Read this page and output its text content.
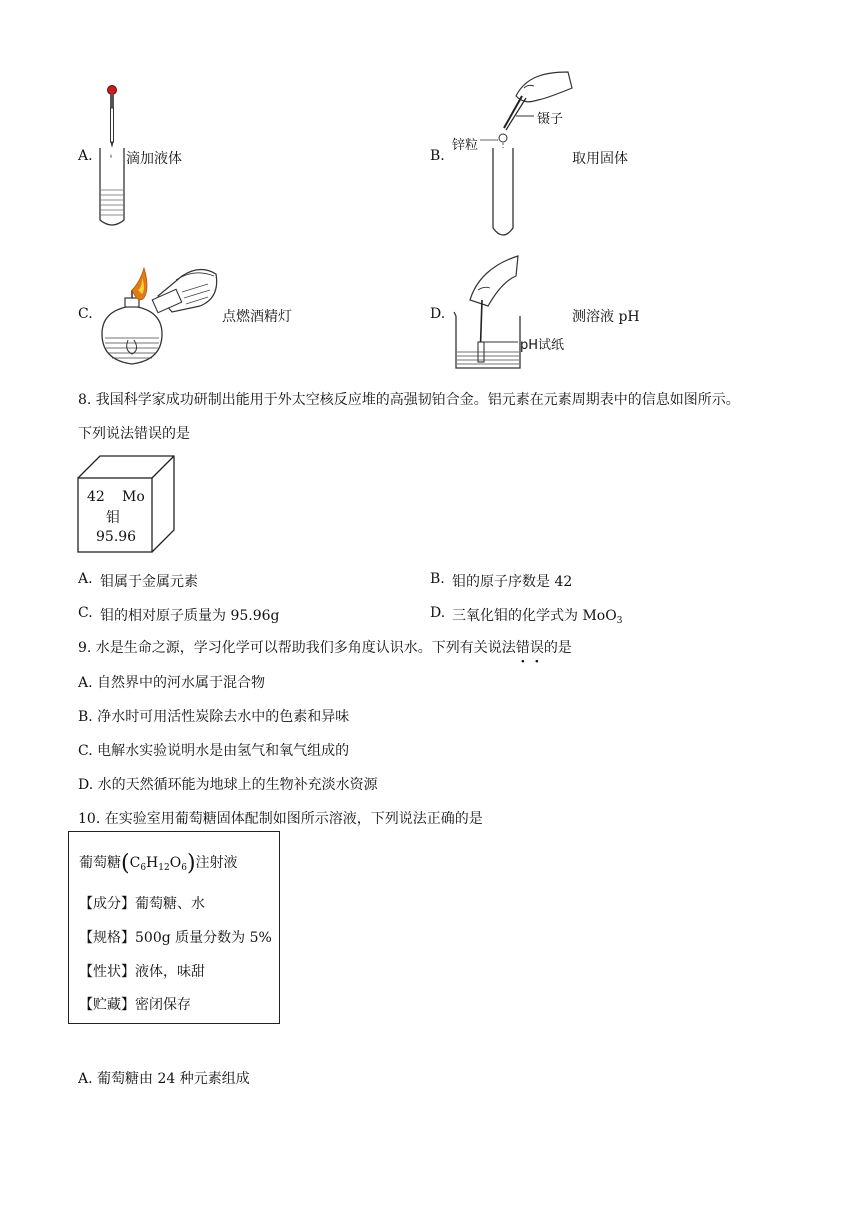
A. 滴加液体	B.
镊子
锌粒
取用固体
C.	点燃酒精灯	D.
pH试纸
测溶液 pH
8. 我国科学家成功研制出能用于外太空核反应堆的高强韧铂合金。铝元素在元素周期表中的信息如图所示。
下列说法错误的是
42 Mo
钼
95.96
A. 钼属于金属元素	B. 钼的原子序数是 42
C. 钼的相对原子质量为 95.96g	D. 三氧化钼的化学式为 MoO$_3$
9. 水是生命之源，学习化学可以帮助我们多角度认识水。下列有关说法错误的是
A. 自然界中的河水属于混合物
B. 净水时可用活性炭除去水中的色素和异味
C. 电解水实验说明水是由氢气和氧气组成的
D. 水的天然循环能为地球上的生物补充淡水资源
10. 在实验室用葡萄糖固体配制如图所示溶液，下列说法正确的是
葡萄糖$(C_6H_{12}O_6)$注射液
【成分】葡萄糖、水
【规格】500g 质量分数为 5%
【性状】液体，味甜
【贮藏】密闭保存
A. 葡萄糖由 24 种元素组成
